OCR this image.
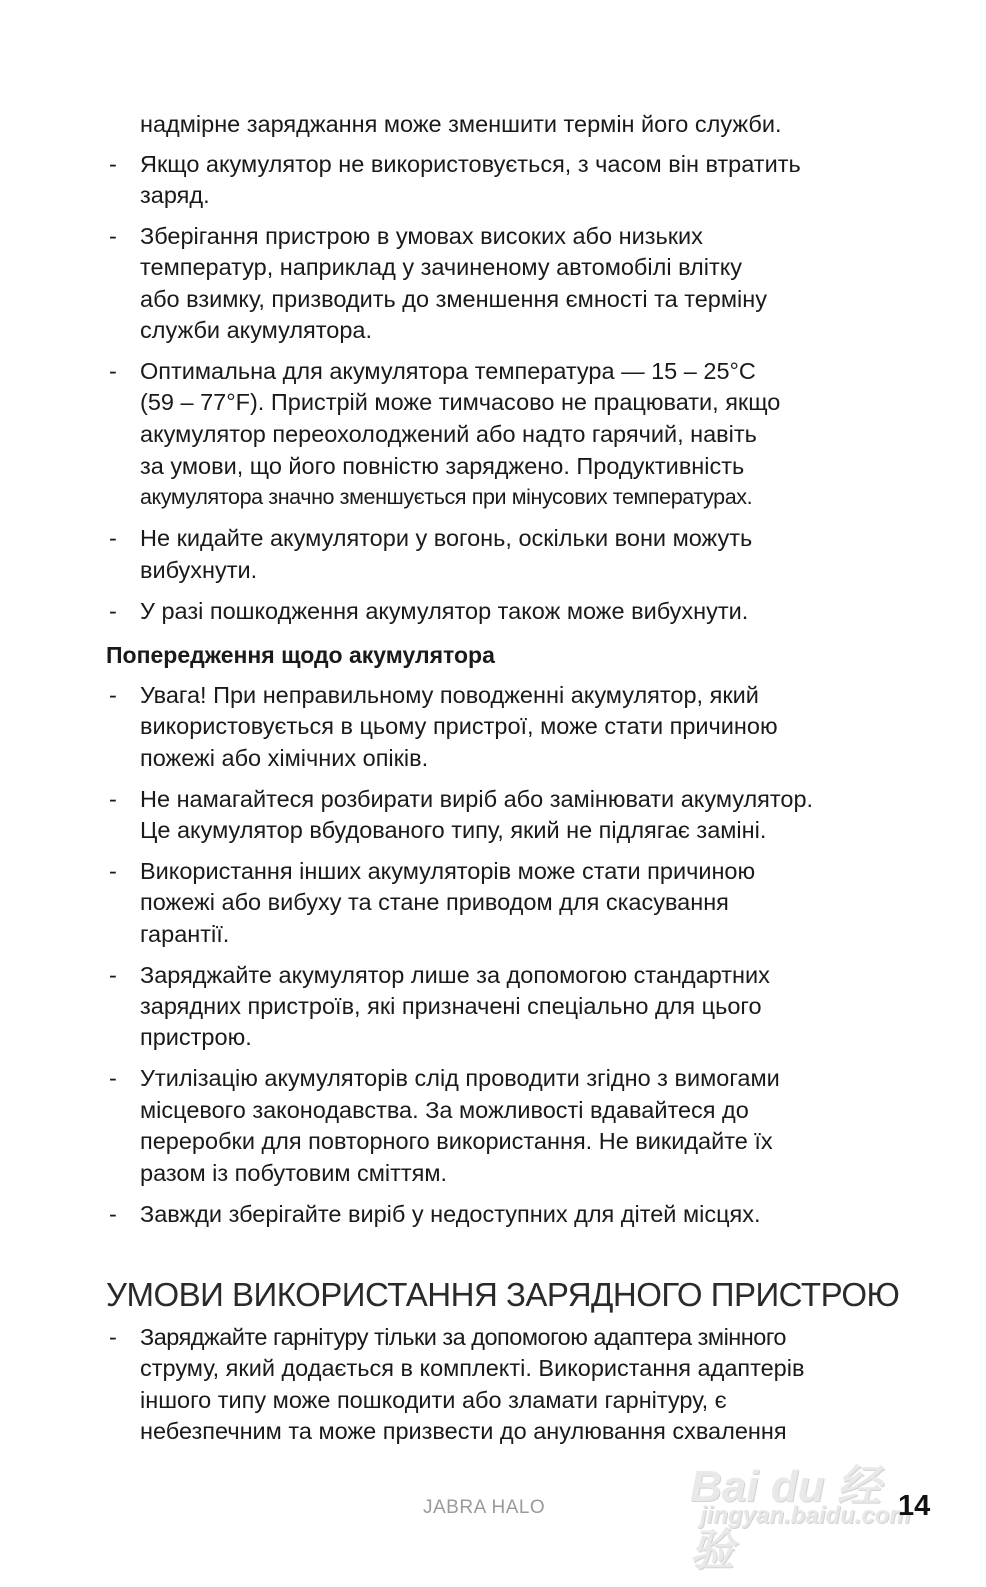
надмірне заряджання може зменшити термін його служби.
- Якщо акумулятор не використовується, з часом він втратить
заряд.
- Зберігання пристрою в умовах високих або низьких
температур, наприклад у зачиненому автомобілі влітку
або взимку, призводить до зменшення ємності та терміну
служби акумулятора.
- Оптимальна для акумулятора температура — 15 – 25°C
(59 – 77°F). Пристрій може тимчасово не працювати, якщо
акумулятор переохолоджений або надто гарячий, навіть
за умови, що його повністю заряджено. Продуктивність
акумулятора значно зменшується при мінусових температурах.
- Не кидайте акумулятори у вогонь, оскільки вони можуть
вибухнути.
- У разі пошкодження акумулятор також може вибухнути.
Попередження щодо акумулятора
- Увага! При неправильному поводженні акумулятор, який
використовується в цьому пристрої, може стати причиною
пожежі або хімічних опіків.
- Не намагайтеся розбирати виріб або замінювати акумулятор.
Це акумулятор вбудованого типу, який не підлягає заміні.
- Використання інших акумуляторів може стати причиною
пожежі або вибуху та стане приводом для скасування
гарантії.
- Заряджайте акумулятор лише за допомогою стандартних
зарядних пристроїв, які призначені спеціально для цього
пристрою.
- Утилізацію акумуляторів слід проводити згідно з вимогами
місцевого законодавства. За можливості вдавайтеся до
переробки для повторного використання. Не викидайте їх
разом із побутовим сміттям.
- Завжди зберігайте виріб у недоступних для дітей місцях.
УМОВИ ВИКОРИСТАННЯ ЗАРЯДНОГО ПРИСТРОЮ
- Заряджайте гарнітуру тільки за допомогою адаптера змінного
струму, який додається в комплекті. Використання адаптерів
іншого типу може пошкодити або зламати гарнітуру, є
небезпечним та може призвести до анулювання схвалення
Bai du 经验
jingyan.baidu.com
JABRA HALO	14
